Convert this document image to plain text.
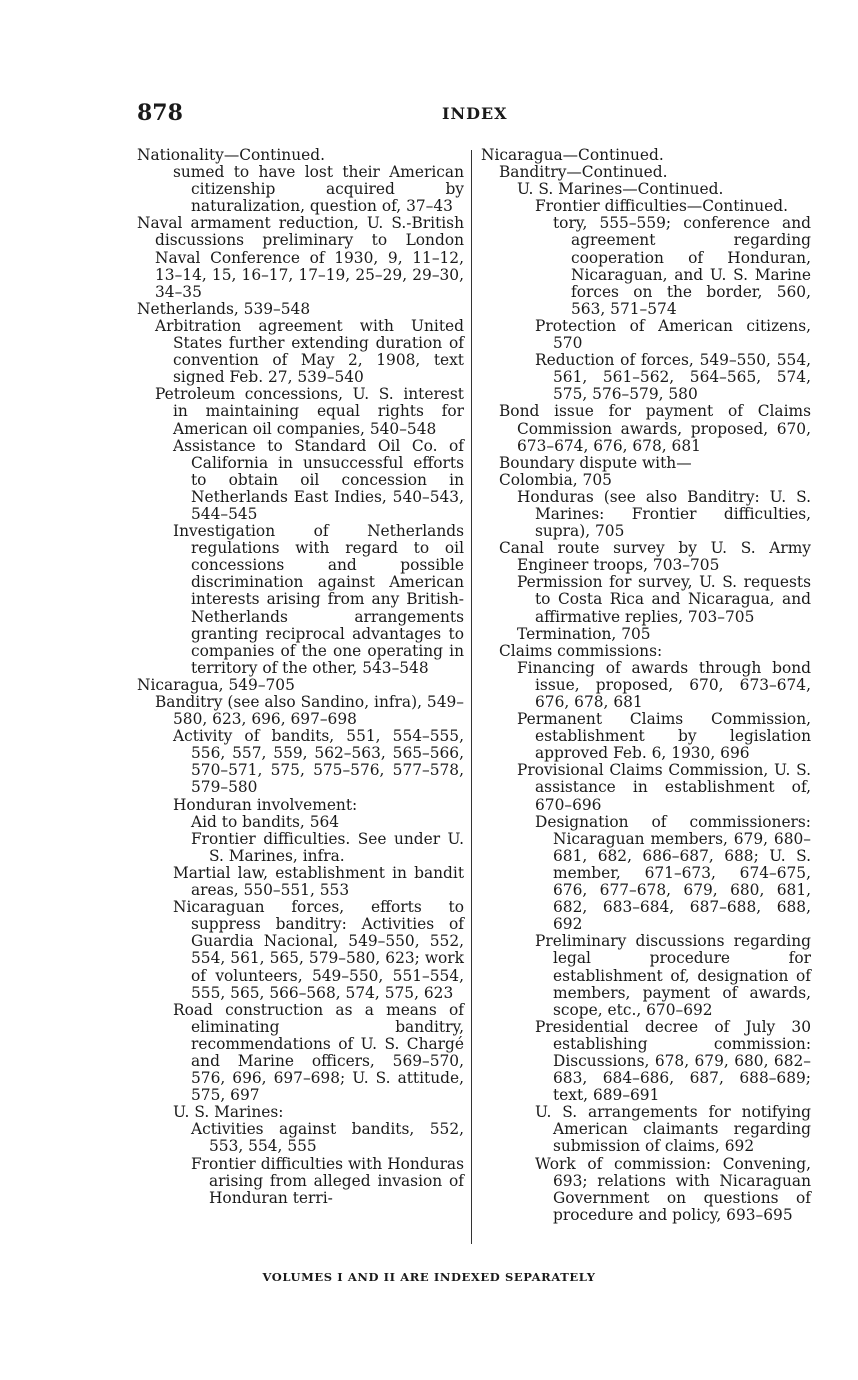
878	INDEX
Nationality—Continued.
sumed to have lost their American citizenship acquired by naturalization, question of, 37–43
Naval armament reduction, U. S.-British discussions preliminary to London Naval Conference of 1930, 9, 11–12, 13–14, 15, 16–17, 17–19, 25–29, 29–30, 34–35
Netherlands, 539–548
Arbitration agreement with United States further extending duration of convention of May 2, 1908, text signed Feb. 27, 539–540
Petroleum concessions, U. S. interest in maintaining equal rights for American oil companies, 540–548
Assistance to Standard Oil Co. of California in unsuccessful efforts to obtain oil concession in Netherlands East Indies, 540–543, 544–545
Investigation of Netherlands regulations with regard to oil concessions and possible discrimination against American interests arising from any British-Netherlands arrangements granting reciprocal advantages to companies of the one operating in territory of the other, 543–548
Nicaragua, 549–705
Banditry (see also Sandino, infra), 549–580, 623, 696, 697–698
Activity of bandits, 551, 554–555, 556, 557, 559, 562–563, 565–566, 570–571, 575, 575–576, 577–578, 579–580
Honduran involvement:
Aid to bandits, 564
Frontier difficulties. See under U. S. Marines, infra.
Martial law, establishment in bandit areas, 550–551, 553
Nicaraguan forces, efforts to suppress banditry: Activities of Guardia Nacional, 549–550, 552, 554, 561, 565, 579–580, 623; work of volunteers, 549–550, 551–554, 555, 565, 566–568, 574, 575, 623
Road construction as a means of eliminating banditry, recommendations of U. S. Chargé and Marine officers, 569–570, 576, 696, 697–698; U. S. attitude, 575, 697
U. S. Marines:
Activities against bandits, 552, 553, 554, 555
Frontier difficulties with Honduras arising from alleged invasion of Honduran terri-
Nicaragua—Continued.
Banditry—Continued.
U. S. Marines—Continued.
Frontier difficulties—Continued.
tory, 555–559; conference and agreement regarding cooperation of Honduran, Nicaraguan, and U. S. Marine forces on the border, 560, 563, 571–574
Protection of American citizens, 570
Reduction of forces, 549–550, 554, 561, 561–562, 564–565, 574, 575, 576–579, 580
Bond issue for payment of Claims Commission awards, proposed, 670, 673–674, 676, 678, 681
Boundary dispute with—
Colombia, 705
Honduras (see also Banditry: U. S. Marines: Frontier difficulties, supra), 705
Canal route survey by U. S. Army Engineer troops, 703–705
Permission for survey, U. S. requests to Costa Rica and Nicaragua, and affirmative replies, 703–705
Termination, 705
Claims commissions:
Financing of awards through bond issue, proposed, 670, 673–674, 676, 678, 681
Permanent Claims Commission, establishment by legislation approved Feb. 6, 1930, 696
Provisional Claims Commission, U. S. assistance in establishment of, 670–696
Designation of commissioners: Nicaraguan members, 679, 680–681, 682, 686–687, 688; U. S. member, 671–673, 674–675, 676, 677–678, 679, 680, 681, 682, 683–684, 687–688, 688, 692
Preliminary discussions regarding legal procedure for establishment of, designation of members, payment of awards, scope, etc., 670–692
Presidential decree of July 30 establishing commission: Discussions, 678, 679, 680, 682–683, 684–686, 687, 688–689; text, 689–691
U. S. arrangements for notifying American claimants regarding submission of claims, 692
Work of commission: Convening, 693; relations with Nicaraguan Government on questions of procedure and policy, 693–695
VOLUMES I AND II ARE INDEXED SEPARATELY
